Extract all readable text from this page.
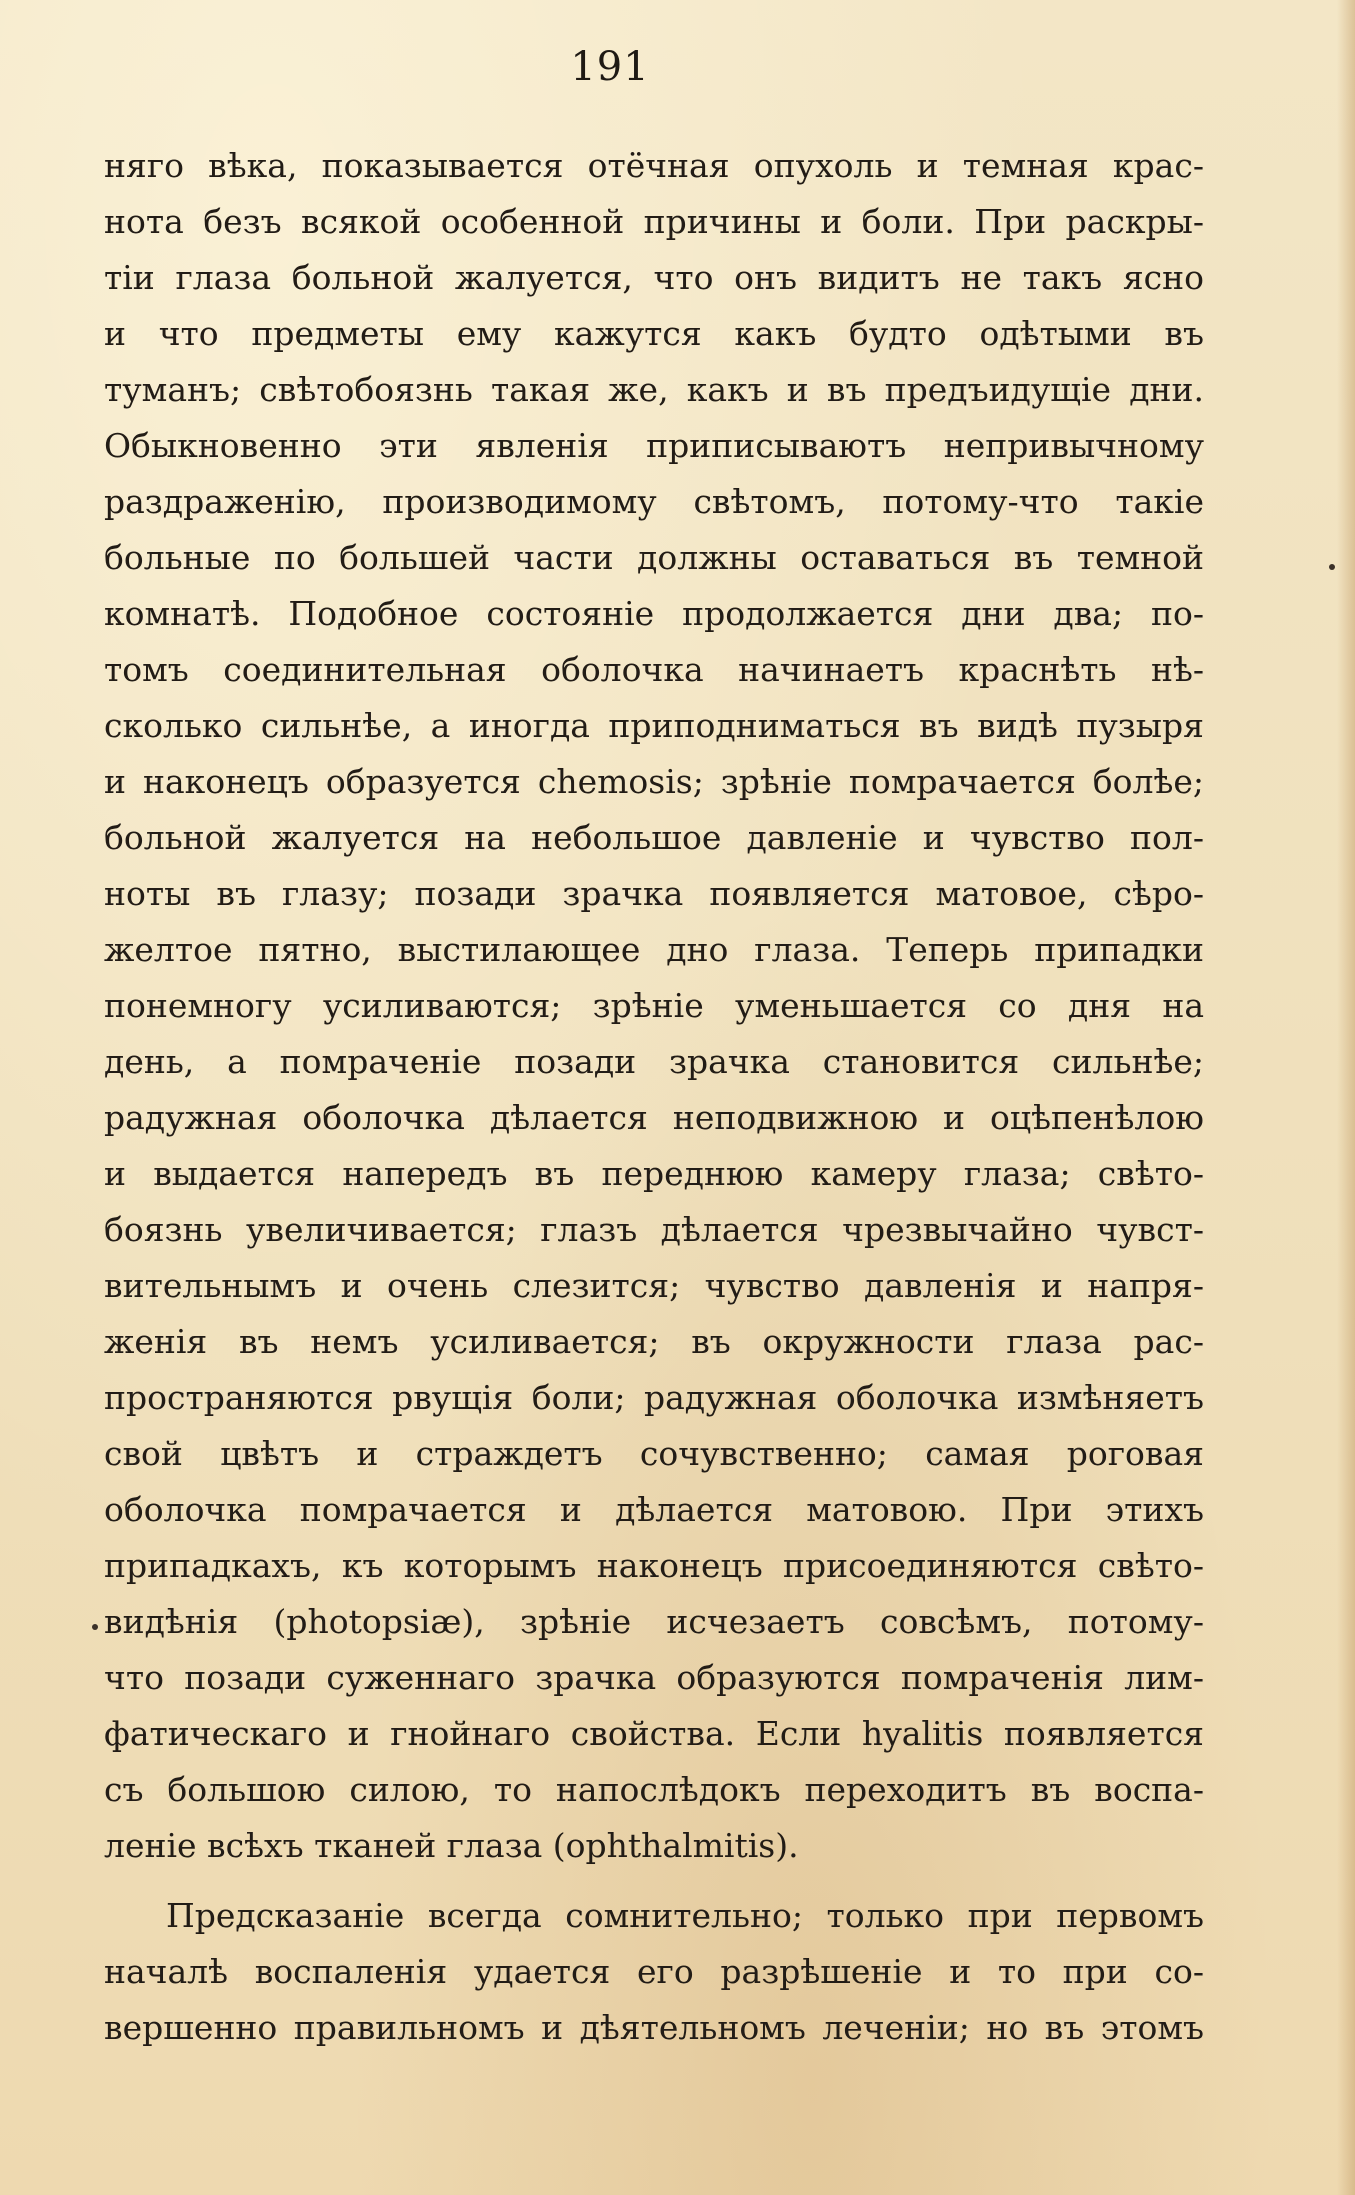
191
няго вѣка, показывается отёчная опухоль и темная крас-
нота безъ всякой особенной причины и боли. При раскры-
тіи глаза больной жалуется, что онъ видитъ не такъ ясно
и что предметы ему кажутся какъ будто одѣтыми въ
туманъ; свѣтобоязнь такая же, какъ и въ предъидущіе дни.
Обыкновенно эти явленія приписываютъ непривычному
раздраженію, производимому свѣтомъ, потому-что такіе
больные по большей части должны оставаться въ темной
комнатѣ. Подобное состояніе продолжается дни два; по-
томъ соединительная оболочка начинаетъ краснѣть нѣ-
сколько сильнѣе, а иногда приподниматься въ видѣ пузыря
и наконецъ образуется chemosis; зрѣніе помрачается болѣе;
больной жалуется на небольшое давленіе и чувство пол-
ноты въ глазу; позади зрачка появляется матовое, сѣро-
желтое пятно, выстилающее дно глаза. Теперь припадки
понемногу усиливаются; зрѣніе уменьшается со дня на
день, а помраченіе позади зрачка становится сильнѣе;
радужная оболочка дѣлается неподвижною и оцѣпенѣлою
и выдается напередъ въ переднюю камеру глаза; свѣто-
боязнь увеличивается; глазъ дѣлается чрезвычайно чувст-
вительнымъ и очень слезится; чувство давленія и напря-
женія въ немъ усиливается; въ окружности глаза рас-
пространяются рвущія боли; радужная оболочка измѣняетъ
свой цвѣтъ и страждетъ сочувственно; самая роговая
оболочка помрачается и дѣлается матовою. При этихъ
припадкахъ, къ которымъ наконецъ присоединяются свѣто-
видѣнія (photopsiæ), зрѣніе исчезаетъ совсѣмъ, потому-
что позади суженнаго зрачка образуются помраченія лим-
фатическаго и гнойнаго свойства. Если hyalitis появляется
съ большою силою, то напослѣдокъ переходитъ въ воспа-
леніе всѣхъ тканей глаза (ophthalmitis).
Предсказаніе всегда сомнительно; только при первомъ
началѣ воспаленія удается его разрѣшеніе и то при со-
вершенно правильномъ и дѣятельномъ леченіи; но въ этомъ
